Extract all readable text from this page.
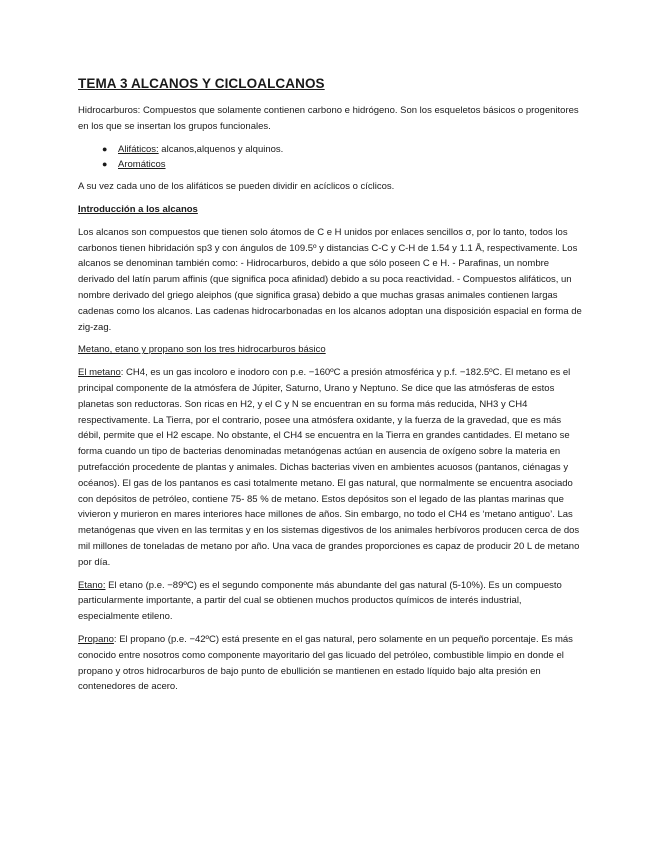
TEMA 3 ALCANOS Y CICLOALCANOS

Hidrocarburos: Compuestos que solamente contienen carbono e hidrógeno. Son los esqueletos básicos o progenitores en los que se insertan los grupos funcionales.

● Alifáticos: alcanos,alquenos y alquinos.
● Aromáticos

A su vez cada uno de los alifáticos se pueden dividir en acíclicos o cíclicos.

Introducción a los alcanos

Los alcanos son compuestos que tienen solo átomos de C e H unidos por enlaces sencillos σ, por lo tanto, todos los carbonos tienen hibridación sp3 y con ángulos de 109.5º y distancias C-C y C-H de 1.54 y 1.1 Å, respectivamente. Los alcanos se denominan también como: - Hidrocarburos, debido a que sólo poseen C e H. - Parafinas, un nombre derivado del latín parum affinis (que significa poca afinidad) debido a su poca reactividad. - Compuestos alifáticos, un nombre derivado del griego aleiphos (que significa grasa) debido a que muchas grasas animales contienen largas cadenas como los alcanos. Las cadenas hidrocarbonadas en los alcanos adoptan una disposición espacial en forma de zig-zag.

Metano, etano y propano son los tres hidrocarburos básico

El metano: CH4, es un gas incoloro e inodoro con p.e. −160ºC a presión atmosférica y p.f. −182.5ºC. El metano es el principal componente de la atmósfera de Júpiter, Saturno, Urano y Neptuno. Se dice que las atmósferas de estos planetas son reductoras. Son ricas en H2, y el C y N se encuentran en su forma más reducida, NH3 y CH4 respectivamente. La Tierra, por el contrario, posee una atmósfera oxidante, y la fuerza de la gravedad, que es más débil, permite que el H2 escape. No obstante, el CH4 se encuentra en la Tierra en grandes cantidades. El metano se forma cuando un tipo de bacterias denominadas metanógenas actúan en ausencia de oxígeno sobre la materia en putrefacción procedente de plantas y animales. Dichas bacterias viven en ambientes acuosos (pantanos, ciénagas y océanos). El gas de los pantanos es casi totalmente metano. El gas natural, que normalmente se encuentra asociado con depósitos de petróleo, contiene 75- 85 % de metano. Estos depósitos son el legado de las plantas marinas que vivieron y murieron en mares interiores hace millones de años. Sin embargo, no todo el CH4 es ‘metano antiguo’. Las metanógenas que viven en las termitas y en los sistemas digestivos de los animales herbívoros producen cerca de dos mil millones de toneladas de metano por año. Una vaca de grandes proporciones es capaz de producir 20 L de metano por día.

Etano: El etano (p.e. −89ºC) es el segundo componente más abundante del gas natural (5-10%). Es un compuesto particularmente importante, a partir del cual se obtienen muchos productos químicos de interés industrial, especialmente etileno.

Propano: El propano (p.e. −42ºC) está presente en el gas natural, pero solamente en un pequeño porcentaje. Es más conocido entre nosotros como componente mayoritario del gas licuado del petróleo, combustible limpio en donde el propano y otros hidrocarburos de bajo punto de ebullición se mantienen en estado líquido bajo alta presión en contenedores de acero.
